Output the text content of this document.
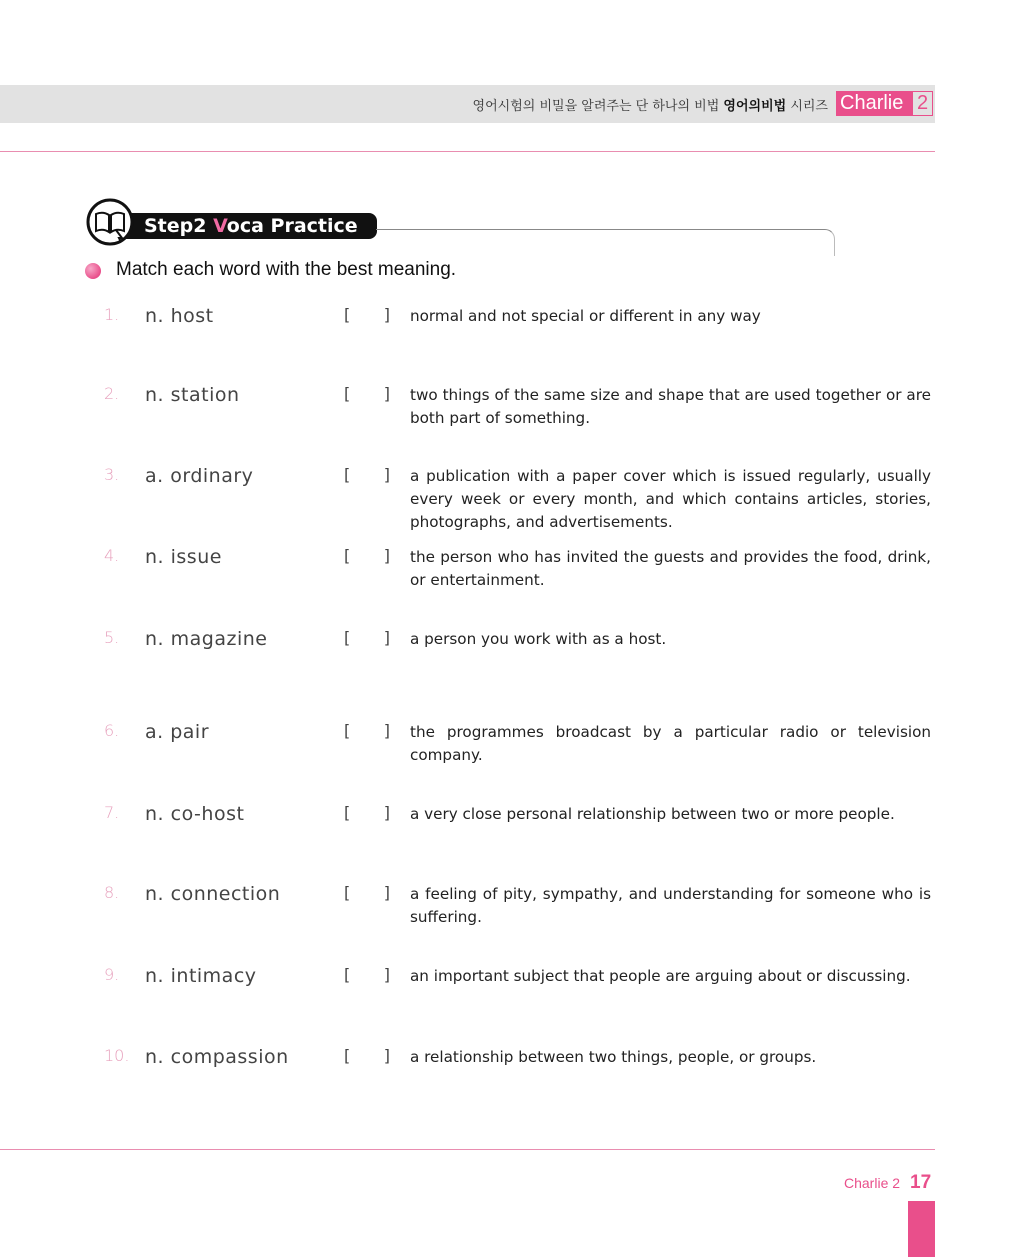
영어시험의 비밀을 알려주는 단 하나의 비법 영어의비법 시리즈 Charlie 2
Step2 Voca Practice
Match each word with the best meaning.
1. n. host	[ ] normal and not special or different in any way
2. n. station	[ ] two things of the same size and shape that are used together or are both part of something.
3. a. ordinary	[ ] a publication with a paper cover which is issued regularly, usually every week or every month, and which contains articles, stories, photographs, and advertisements.
4. n. issue	[ ] the person who has invited the guests and provides the food, drink, or entertainment.
5. n. magazine	[ ] a person you work with as a host.
6. a. pair	[ ] the programmes broadcast by a particular radio or television company.
7. n. co-host	[ ] a very close personal relationship between two or more people.
8. n. connection	[ ] a feeling of pity, sympathy, and understanding for someone who is suffering.
9. n. intimacy	[ ] an important subject that people are arguing about or discussing.
10. n. compassion	[ ] a relationship between two things, people, or groups.
Charlie 2 17
